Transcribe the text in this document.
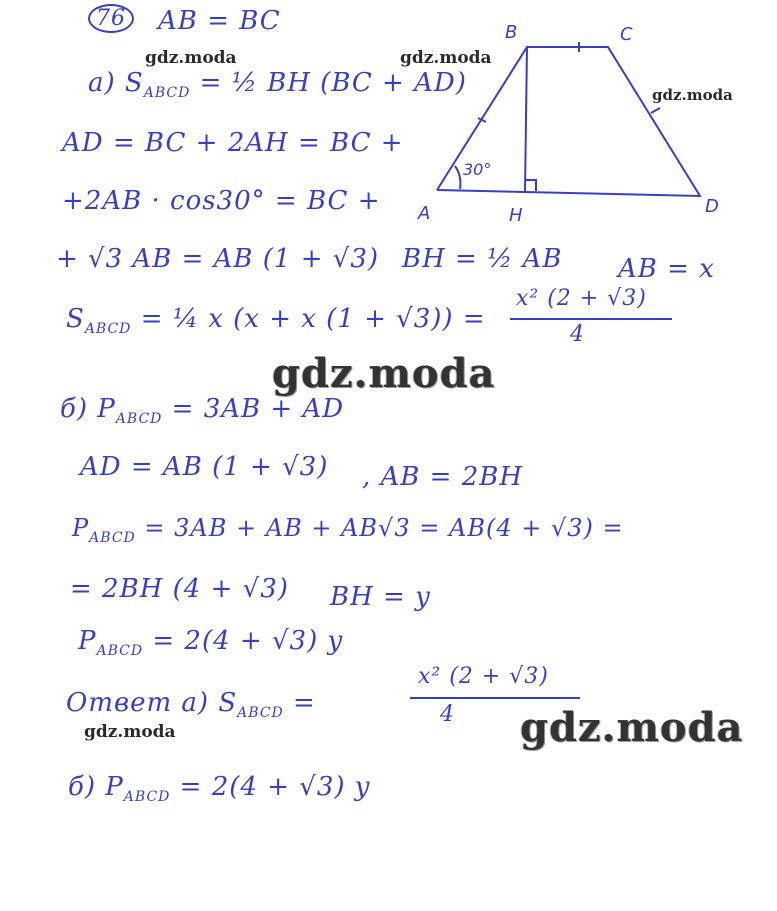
A
B	C
D
H
30°
76	AB = BC
a) $S_{ABCD}$ = ½ BH (BC + AD)
AD = BC + 2AH = BC +
+2AB · cos30° = BC +
+ √3 AB = AB (1 + √3) BH = ½ AB AB = x
$S_{ABCD}$ = ¼ x (x + x (1 + √3)) =
x² (2 + √3)
4
gdz.moda
б) $P_{ABCD} = 3AB$ + AD
AD = AB (1 + √3) , AB = 2BH
$P_{ABCD} = 3AB$ + AB + AB√3 = AB(4 + √3) =
= 2BH (4 + √3) BH = y
$P_{ABCD} = 2(4 + √3)$ y
Ответ а) $S_{ABCD}$ =
x² (2 + √3)
4
б) $P_{ABCD} = 2(4 + √3)$ y
gdz.moda	gdz.moda
gdz.moda
gdz.moda	gdz.moda
